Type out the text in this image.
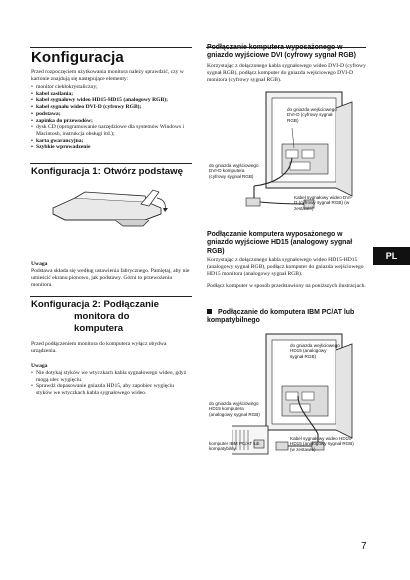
Konfiguracja
Przed rozpoczęciem użytkowania monitora należy sprawdzić, czy w kartonie znajdują się następujące elementy:
• monitor ciekłokrystaliczny;
• kabel zasilania;
• kabel sygnałowy wideo HD15-HD15 (analogowy RGB);
• kabel sygnału wideo DVI-D (cyfrowy RGB);
• podstawa;
• zapinka do przewodów;
• dysk CD (oprogramowanie narzędziowe dla systemów Windows i Macintosh, instrukcja obsługi itd.);
• karta gwarancyjna;
• Szybkie wprowadzenie
Konfiguracja 1: Otwórz podstawę
Uwaga
Podstawa składa się według ustawienia fabrycznego. Pamiętaj, aby nie umieścić ekranu pionowo, jak podstawy. Górni to przewożeniu monitora.
Konfiguracja 2: Podłączanie
monitora do
komputera
Przed podłączeniem monitora do komputera wyłącz obydwa urządzenia.
Uwaga
• Nie dotykaj styków we wtyczkach kabla sygnałowego wideo, gdyż mogą ulec wygięciu.
• Sprawdź dopasowanie gniazda HD15, aby zapobiec wygięciu styków we wtyczkach kabla sygnałowego wideo.
Podłączanie komputera wyposażonego w gniazdo wyjściowe DVI (cyfrowy sygnał RGB)
Korzystając z dołączonego kabla sygnałowego wideo DVI-D (cyfrowy sygnał RGB), podłącz komputer do gniazda wejściowego DVI-D monitora (cyfrowy sygnał RGB).
do gniazda wejściowego DVI-D (cyfrowy sygnał RGB)
do gniazda wyjściowego DVI-D komputera (cyfrowy sygnał RGB)
Kabel sygnałowy wideo DVI-D (cyfrowy sygnał RGB) (w zestawie)
Podłączanie komputera wyposażonego w gniazdo wyjściowe HD15 (analogowy sygnał RGB)
Korzystając z dołączonego kabla sygnałowego wideo HD15-HD15 (analogowy sygnał RGB), podłącz komputer do gniazda wejściowego HD15 monitora (analogowy sygnał RGB).
Podłącz komputer w sposób przedstawiony na poniższych ilustracjach.
Podłączanie do komputera IBM PC/AT lub kompatybilnego
do gniazda wejściowego HD15 (analogowy sygnał RGB)
do gniazda wyjściowego HD15 komputera (analogowy sygnał RGB)
komputer IBM PC/AT lub kompatybilny
Kabel sygnałowy wideo HD15-HD15 (analogowy sygnał RGB) (w zestawie)
PL
7
